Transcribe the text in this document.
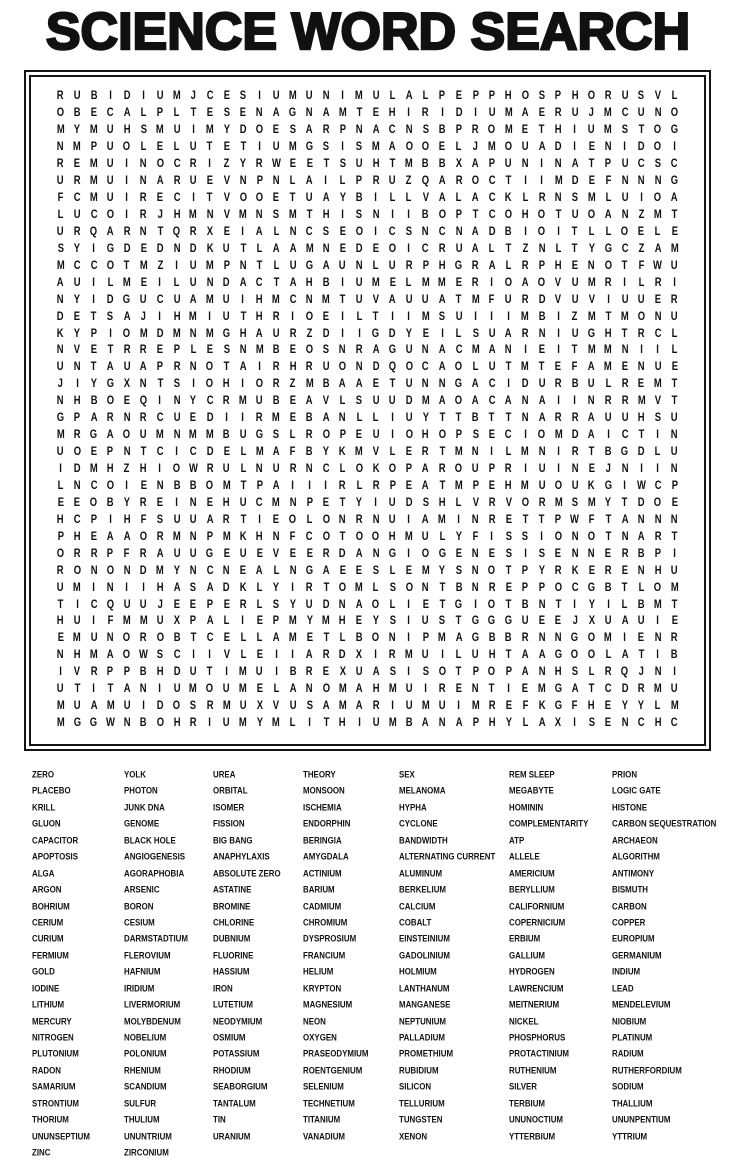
SCIENCE WORD SEARCH
R U B I D I U M J C E S I U M U N I M U L A L P E P P H O S P H O R U S V L
O B E C A L P L T E S E N A G N A M T E H I R I D I U M A E R U J M C U N O
M Y M U H S M U I M Y D O E S A R P N A C N S B P R O M E T H I U M S T O G
N M P U O L E L U T E T I U M G S I S M A O O E L J M O U A D I E N I D O I
R E M U I N O C R I Z Y R W E E T S U H T M B B X A P U N I N A T P U C S C
U R M U I N A R U E V N P N L A I L P R U Z Q A R O C T I I M D E F N N N G
F C M U I R E C I T V O O E T U A Y B I L L V A L A C K L R N S M L U I O A
L U C O I R J H M N V M N S M T H I S N I I B O P T C O H O T U O A N Z M T
U R Q A R N T Q R X E I A L N C S E O I C S N C N A D B I O I T L L O E L E
S Y I G D E D N D K U T L A A M N E D E O I C R U A L T Z N L T Y G C Z A M
M C C O T M Z I U M P N T L U G A U N L U R P H G R A L R P H E N O T F W U
A U I L M E I L U N D A C T A H B I U M E L M M E R I O A O V U M R I L R I
N Y I D G U C U A M U I H M C N M T U V A U U A T M F U R D V U V I U U E R
D E T S A J I H M I U T H R I O E I L T I I M S U I I I M B I Z M T M O N U
K Y P I O M D M N M G H A U R Z D I I G D Y E I L S U A R N I U G H T R C L
N V E T R R E P L E S N M B E O S N R A G U N A C M A N I E I T M M N I I L
U N T A U A P R N O T A I R H R U O N D Q O C A O L U T M T E F A M E N U E
J I Y G X N T S I O H I O R Z M B A A E T U N N G A C I D U R B U L R E M T
N H B O E Q I N Y C R M U B E A V L S U U D M A O A C A N A I I N R R M V T
G P A R N R C U E D I I R M E B A N L L I U Y T T B T T N A R R A U U H S U
M R G A O U M N M M B U G S L R O P E U I O H O P S E C I O M D A I C T I N
U O E P N T C I C D E L M A F B Y K M V L E R T M N I L M N I R T B G D L U
I D M H Z H I O W R U L N U R N C L O K O P A R O U P R I U I N E J N I I N
L N C O I E N B B O M T P A I I I R L R P E A T M P E H M U O U K G I W C P
E E O B Y R E I N E H U C M N P E T Y I U D S H L V R V O R M S M Y T D O E
H C P I H F S U U A R T I E O L O N R N U I A M I N R E T T P W F T A N N N
P H E A A O R M N P M K H N F C O T O O H M U L Y F I S S I O N O T N A R T
O R R P F R A U U G E U E V E E R D A N G I O G E N E S I S E N N E R B P I
R O N O N D M Y N C N E A L N G A E E S L E M Y S N O T P Y R K E R E N H U
U M I N I I H A S A D K L Y I R T O M L S O N T B N R E P P O C G B T L O M
T I C Q U U J E E P E R L S Y U D N A O L I E T G I O T B N T I Y I L B M T
H U I F M M U X P A L I E P M Y M H E Y S I U S T G G G U E E J X U A U I E
E M U N O R O B T C E L L A M E T L B O N I P M A G B B R N N G O M I E N R
N H M A O W S C I I V L E I I A R D X I R M U I L U H T A A G O O L A T I B
I V R P P B H D U T I M U I B R E X U A S I S O T P O P A N H S L R Q J N I
U T I T A N I U M O U M E L A N O M A H M U I R E N T I E M G A T C D R M U
M U A M U I D O S R M U X V U S A M A R I U M U I M R E F K G F H E Y Y L M
M G G W N B O H R I U M Y M L I T H I U M B A N A P H Y L A X I S E N C H C
ZERO
PLACEBO
KRILL
GLUON
CAPACITOR
APOPTOSIS
ALGA
ARGON
BOHRIUM
CERIUM
CURIUM
FERMIUM
GOLD
IODINE
LITHIUM
MERCURY
NITROGEN
PLUTONIUM
RADON
SAMARIUM
STRONTIUM
THORIUM
UNUNSEPTIUM
ZINC
YOLK
PHOTON
JUNK DNA
GENOME
BLACK HOLE
ANGIOGENESIS
AGORAPHOBIA
ARSENIC
BORON
CESIUM
DARMSTADTIUM
FLEROVIUM
HAFNIUM
IRIDIUM
LIVERMORIUM
MOLYBDENUM
NOBELIUM
POLONIUM
RHENIUM
SCANDIUM
SULFUR
THULIUM
UNUNTRIUM
ZIRCONIUM
UREA
ORBITAL
ISOMER
FISSION
BIG BANG
ANAPHYLAXIS
ABSOLUTE ZERO
ASTATINE
BROMINE
CHLORINE
DUBNIUM
FLUORINE
HASSIUM
IRON
LUTETIUM
NEODYMIUM
OSMIUM
POTASSIUM
RHODIUM
SEABORGIUM
TANTALUM
TIN
URANIUM
THEORY
MONSOON
ISCHEMIA
ENDORPHIN
BERINGIA
AMYGDALA
ACTINIUM
BARIUM
CADMIUM
CHROMIUM
DYSPROSIUM
FRANCIUM
HELIUM
KRYPTON
MAGNESIUM
NEON
OXYGEN
PRASEODYMIUM
ROENTGENIUM
SELENIUM
TECHNETIUM
TITANIUM
VANADIUM
SEX
MELANOMA
HYPHA
CYCLONE
BANDWIDTH
ALTERNATING CURRENT
ALUMINUM
BERKELIUM
CALCIUM
COBALT
EINSTEINIUM
GADOLINIUM
HOLMIUM
LANTHANUM
MANGANESE
NEPTUNIUM
PALLADIUM
PROMETHIUM
RUBIDIUM
SILICON
TELLURIUM
TUNGSTEN
XENON
REM SLEEP
MEGABYTE
HOMININ
COMPLEMENTARITY
ATP
ALLELE
AMERICIUM
BERYLLIUM
CALIFORNIUM
COPERNICIUM
ERBIUM
GALLIUM
HYDROGEN
LAWRENCIUM
MEITNERIUM
NICKEL
PHOSPHORUS
PROTACTINIUM
RUTHENIUM
SILVER
TERBIUM
UNUNOCTIUM
YTTERBIUM
PRION
LOGIC GATE
HISTONE
CARBON SEQUESTRATION
ARCHAEON
ALGORITHM
ANTIMONY
BISMUTH
CARBON
COPPER
EUROPIUM
GERMANIUM
INDIUM
LEAD
MENDELEVIUM
NIOBIUM
PLATINUM
RADIUM
RUTHERFORDIUM
SODIUM
THALLIUM
UNUNPENTIUM
YTTRIUM
